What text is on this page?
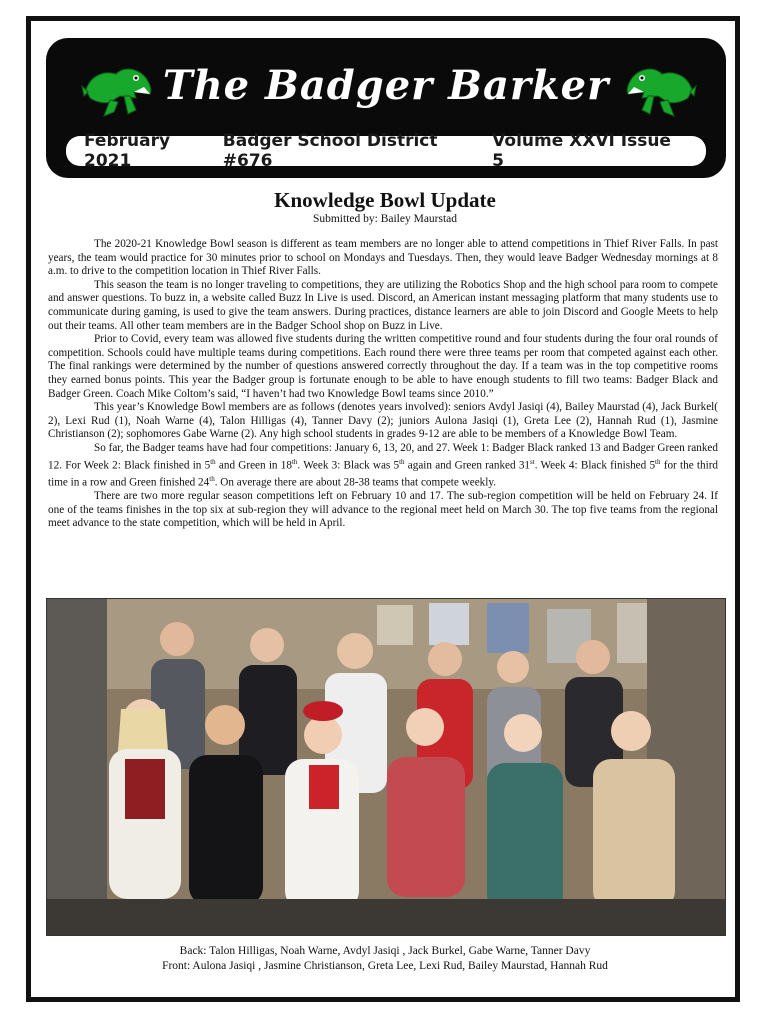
The Badger Barker
February 2021
Badger School District #676
Volume XXVI Issue 5
Knowledge Bowl Update
Submitted by: Bailey Maurstad

The 2020-21 Knowledge Bowl season is different as team members are no longer able to attend competitions in Thief River Falls. In past years, the team would practice for 30 minutes prior to school on Mondays and Tuesdays. Then, they would leave Badger Wednesday mornings at 8 a.m. to drive to the competition location in Thief River Falls.

This season the team is no longer traveling to competitions, they are utilizing the Robotics Shop and the high school para room to compete and answer questions. To buzz in, a website called Buzz In Live is used. Discord, an American instant messaging platform that many students use to communicate during gaming, is used to give the team answers. During practices, distance learners are able to join Discord and Google Meets to help out their teams. All other team members are in the Badger School shop on Buzz in Live.

Prior to Covid, every team was allowed five students during the written competitive round and four students during the four oral rounds of competition. Schools could have multiple teams during competitions. Each round there were three teams per room that competed against each other. The final rankings were determined by the number of questions answered correctly throughout the day. If a team was in the top competitive rooms they earned bonus points. This year the Badger group is fortunate enough to be able to have enough students to fill two teams: Badger Black and Badger Green. Coach Mike Coltom’s said, “I haven’t had two Knowledge Bowl teams since 2010.”

This year’s Knowledge Bowl members are as follows (denotes years involved): seniors Avdyl Jasiqi (4), Bailey Maurstad (4), Jack Burkel( 2), Lexi Rud (1), Noah Warne (4), Talon Hilligas (4), Tanner Davy (2); juniors Aulona Jasiqi (1), Greta Lee (2), Hannah Rud (1), Jasmine Christianson (2); sophomores Gabe Warne (2). Any high school students in grades 9-12 are able to be members of a Knowledge Bowl Team.

So far, the Badger teams have had four competitions: January 6, 13, 20, and 27. Week 1: Badger Black ranked 13 and Badger Green ranked 12. For Week 2: Black finished in 5th and Green in 18th. Week 3: Black was 5th again and Green ranked 31st. Week 4: Black finished 5th for the third time in a row and Green finished 24th. On average there are about 28-38 teams that compete weekly.

There are two more regular season competitions left on February 10 and 17. The sub-region competition will be held on February 24. If one of the teams finishes in the top six at sub-region they will advance to the regional meet held on March 30. The top five teams from the regional meet advance to the state competition, which will be held in April.

Back: Talon Hilligas, Noah Warne, Avdyl Jasiqi , Jack Burkel, Gabe Warne, Tanner Davy
Front: Aulona Jasiqi , Jasmine Christianson, Greta Lee, Lexi Rud, Bailey Maurstad, Hannah Rud
